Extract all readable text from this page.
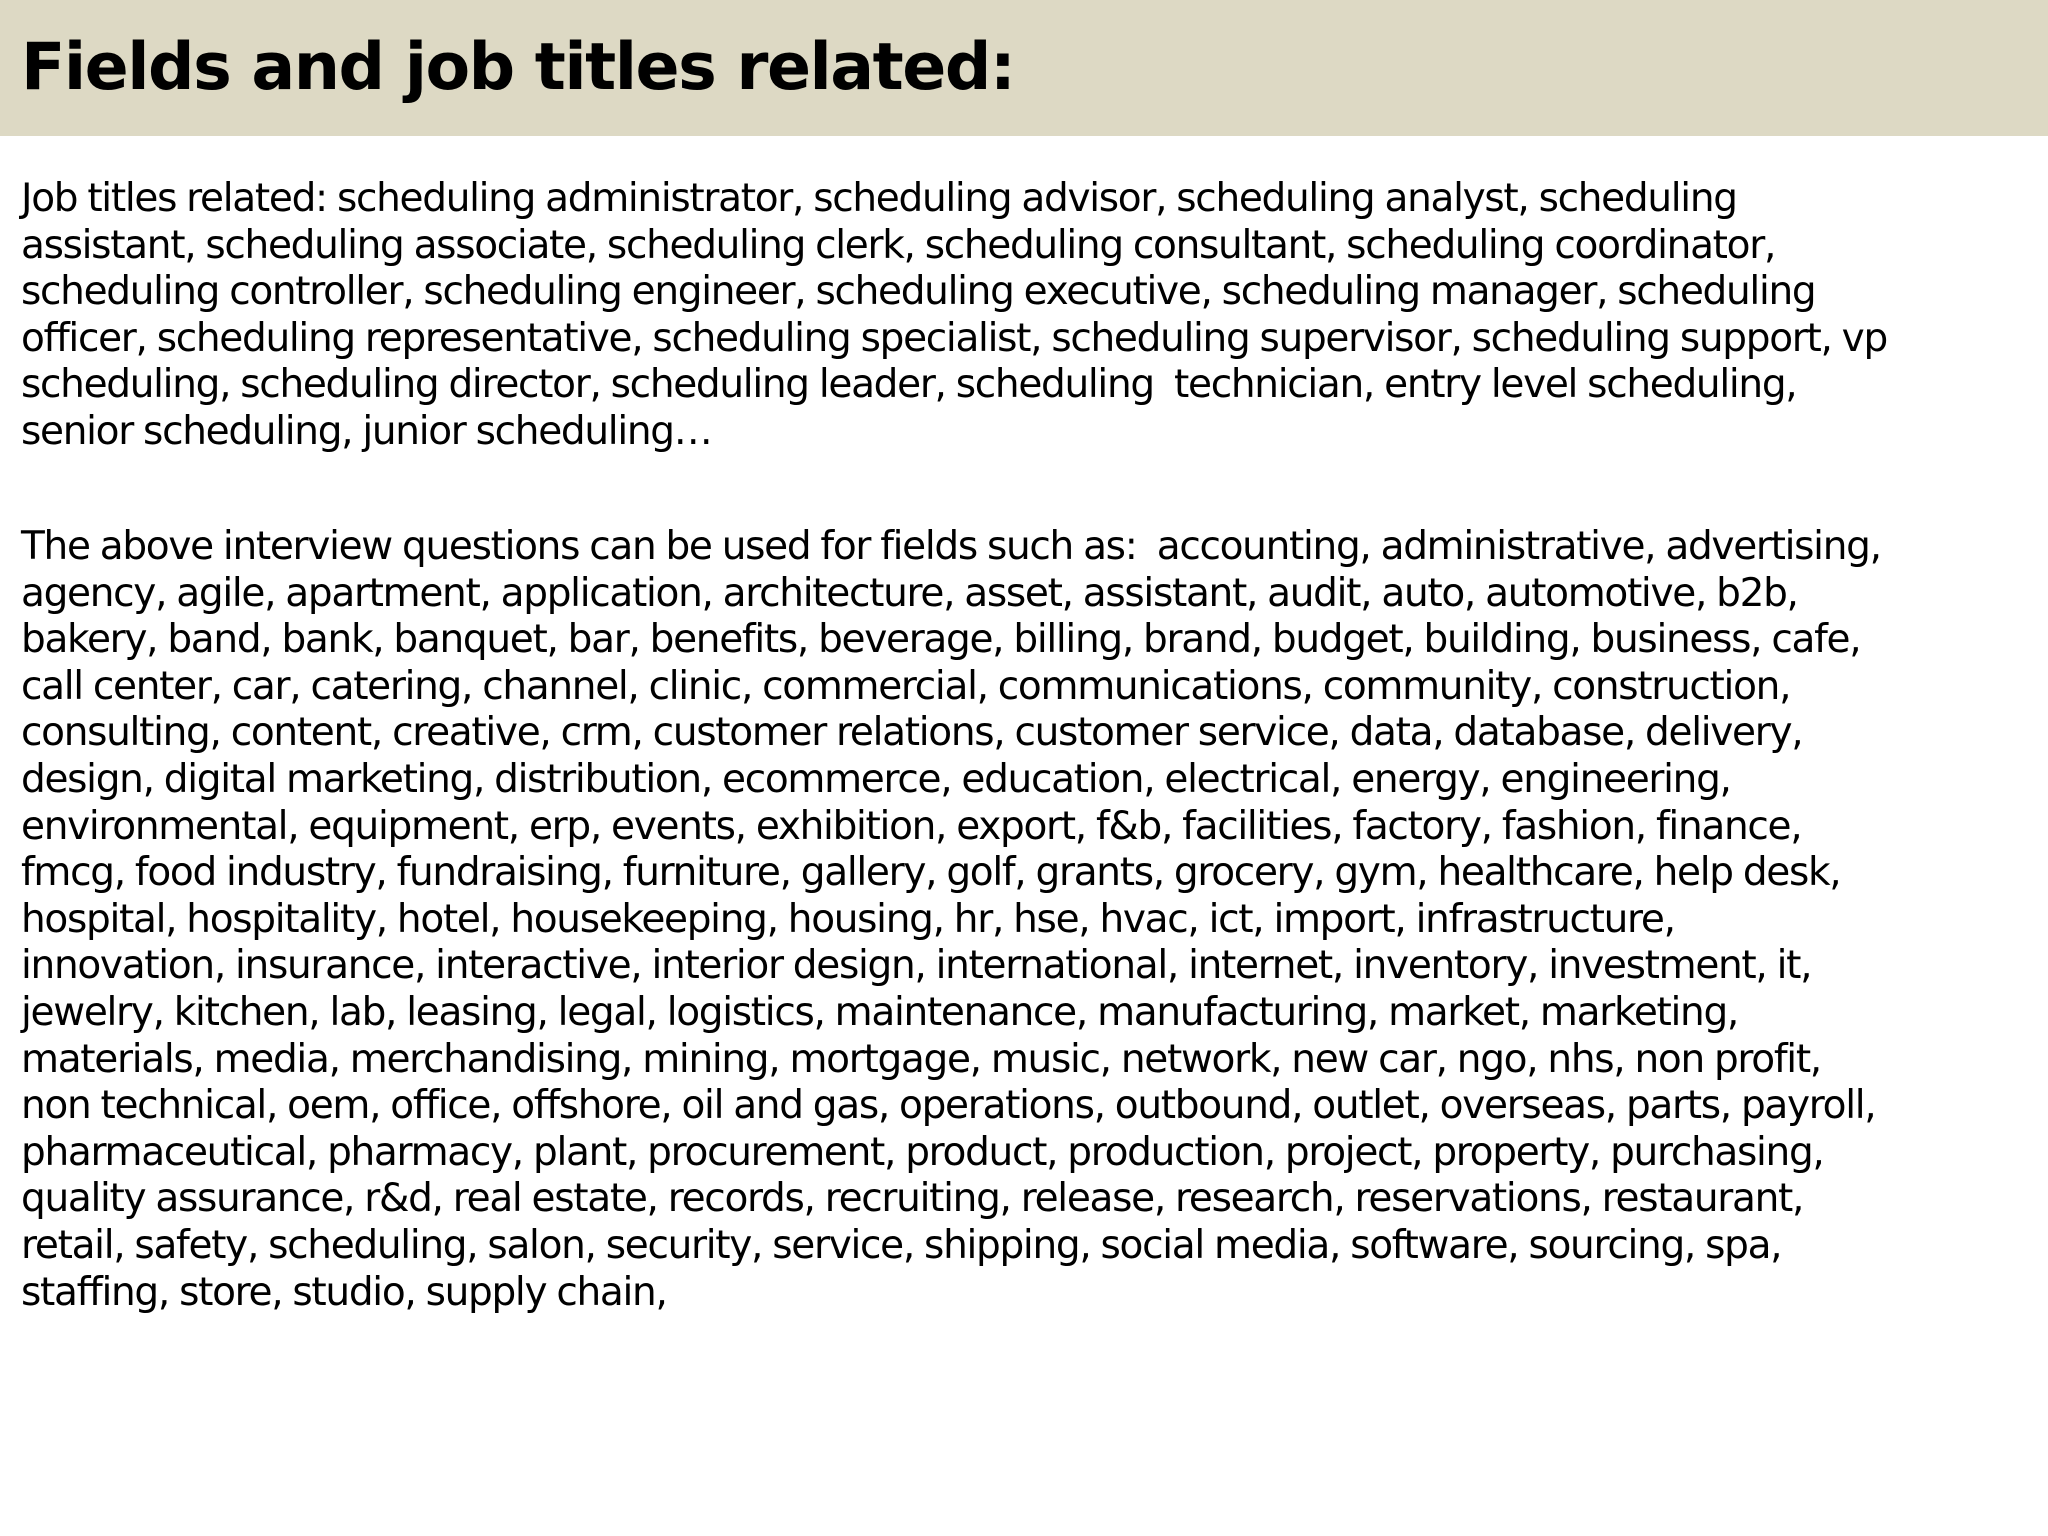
Fields and job titles related:

Job titles related: scheduling administrator, scheduling advisor, scheduling analyst, scheduling
assistant, scheduling associate, scheduling clerk, scheduling consultant, scheduling coordinator,
scheduling controller, scheduling engineer, scheduling executive, scheduling manager, scheduling
officer, scheduling representative, scheduling specialist, scheduling supervisor, scheduling support, vp
scheduling, scheduling director, scheduling leader, scheduling  technician, entry level scheduling,
senior scheduling, junior scheduling…

The above interview questions can be used for fields such as:  accounting, administrative, advertising,
agency, agile, apartment, application, architecture, asset, assistant, audit, auto, automotive, b2b,
bakery, band, bank, banquet, bar, benefits, beverage, billing, brand, budget, building, business, cafe,
call center, car, catering, channel, clinic, commercial, communications, community, construction,
consulting, content, creative, crm, customer relations, customer service, data, database, delivery,
design, digital marketing, distribution, ecommerce, education, electrical, energy, engineering,
environmental, equipment, erp, events, exhibition, export, f&b, facilities, factory, fashion, finance,
fmcg, food industry, fundraising, furniture, gallery, golf, grants, grocery, gym, healthcare, help desk,
hospital, hospitality, hotel, housekeeping, housing, hr, hse, hvac, ict, import, infrastructure,
innovation, insurance, interactive, interior design, international, internet, inventory, investment, it,
jewelry, kitchen, lab, leasing, legal, logistics, maintenance, manufacturing, market, marketing,
materials, media, merchandising, mining, mortgage, music, network, new car, ngo, nhs, non profit,
non technical, oem, office, offshore, oil and gas, operations, outbound, outlet, overseas, parts, payroll,
pharmaceutical, pharmacy, plant, procurement, product, production, project, property, purchasing,
quality assurance, r&d, real estate, records, recruiting, release, research, reservations, restaurant,
retail, safety, scheduling, salon, security, service, shipping, social media, software, sourcing, spa,
staffing, store, studio, supply chain,
